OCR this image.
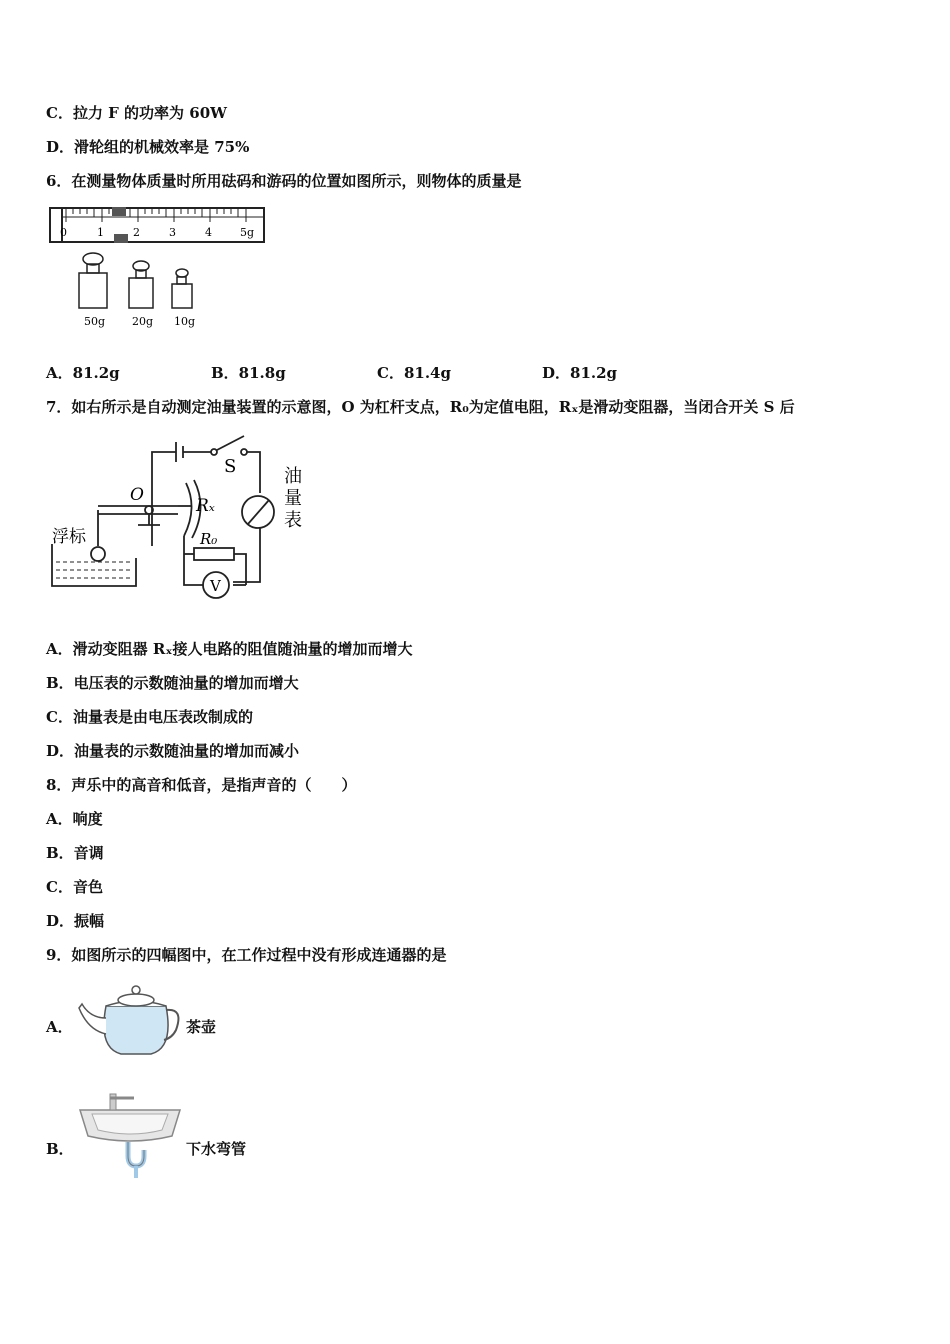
C．拉力 F 的功率为 60W
D．滑轮组的机械效率是 75%
6．在测量物体质量时所用砝码和游码的位置如图所示，则物体的质量是
0	1	2	3	4	5g
50g 20g 10g
A．81.2g	B．81.8g	C．81.4g	D．81.2g
7．如右所示是自动测定油量装置的示意图，O 为杠杆支点，R₀为定值电阻，Rₓ是滑动变阻器，当闭合开关 S 后
S
O
Rₓ
R₀
V
油
量
表
浮标
A．滑动变阻器 Rₓ接人电路的阻值随油量的增加而增大
B．电压表的示数随油量的增加而增大
C．油量表是由电压表改制成的
D．油量表的示数随油量的增加而减小
8．声乐中的高音和低音，是指声音的（　　）
A．响度
B．音调
C．音色
D．振幅
9．如图所示的四幅图中，在工作过程中没有形成连通器的是
A．	茶壶
B．	下水弯管
